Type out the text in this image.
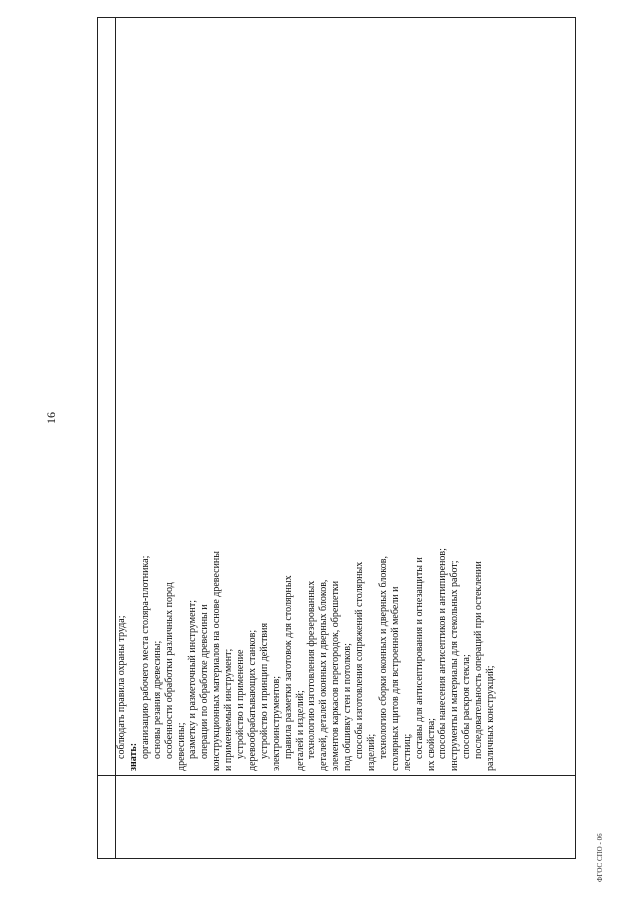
16
соблюдать правила охраны труда; знать: организацию рабочего места столяра-плотника; основы резания древесины; особенности обработки различных пород древесины; разметку и разметочный инструмент; операции по обработке древесины и конструкционных материалов на основе древесины и применяемый инструмент; устройство и применение деревообрабатывающих станков; устройство и принцип действия электроинструментов; правила разметки заготовок для столярных деталей и изделий; технологию изготовления фрезерованных деталей, деталей оконных и дверных блоков, элементов каркасов перегородок, обрешетки под обшивку стен и потолков; способы изготовления сопряжений столярных изделий; технологию сборки оконных и дверных блоков, столярных щитов для встроенной мебели и лестниц; составы для антисептирования и огнезащиты и их свойства; способы нанесения антисептиков и антипиренов; инструменты и материалы для стекольных работ; способы раскроя стекла; последовательность операций при остеклении различных конструкций;
ФГОС СПО - 06
